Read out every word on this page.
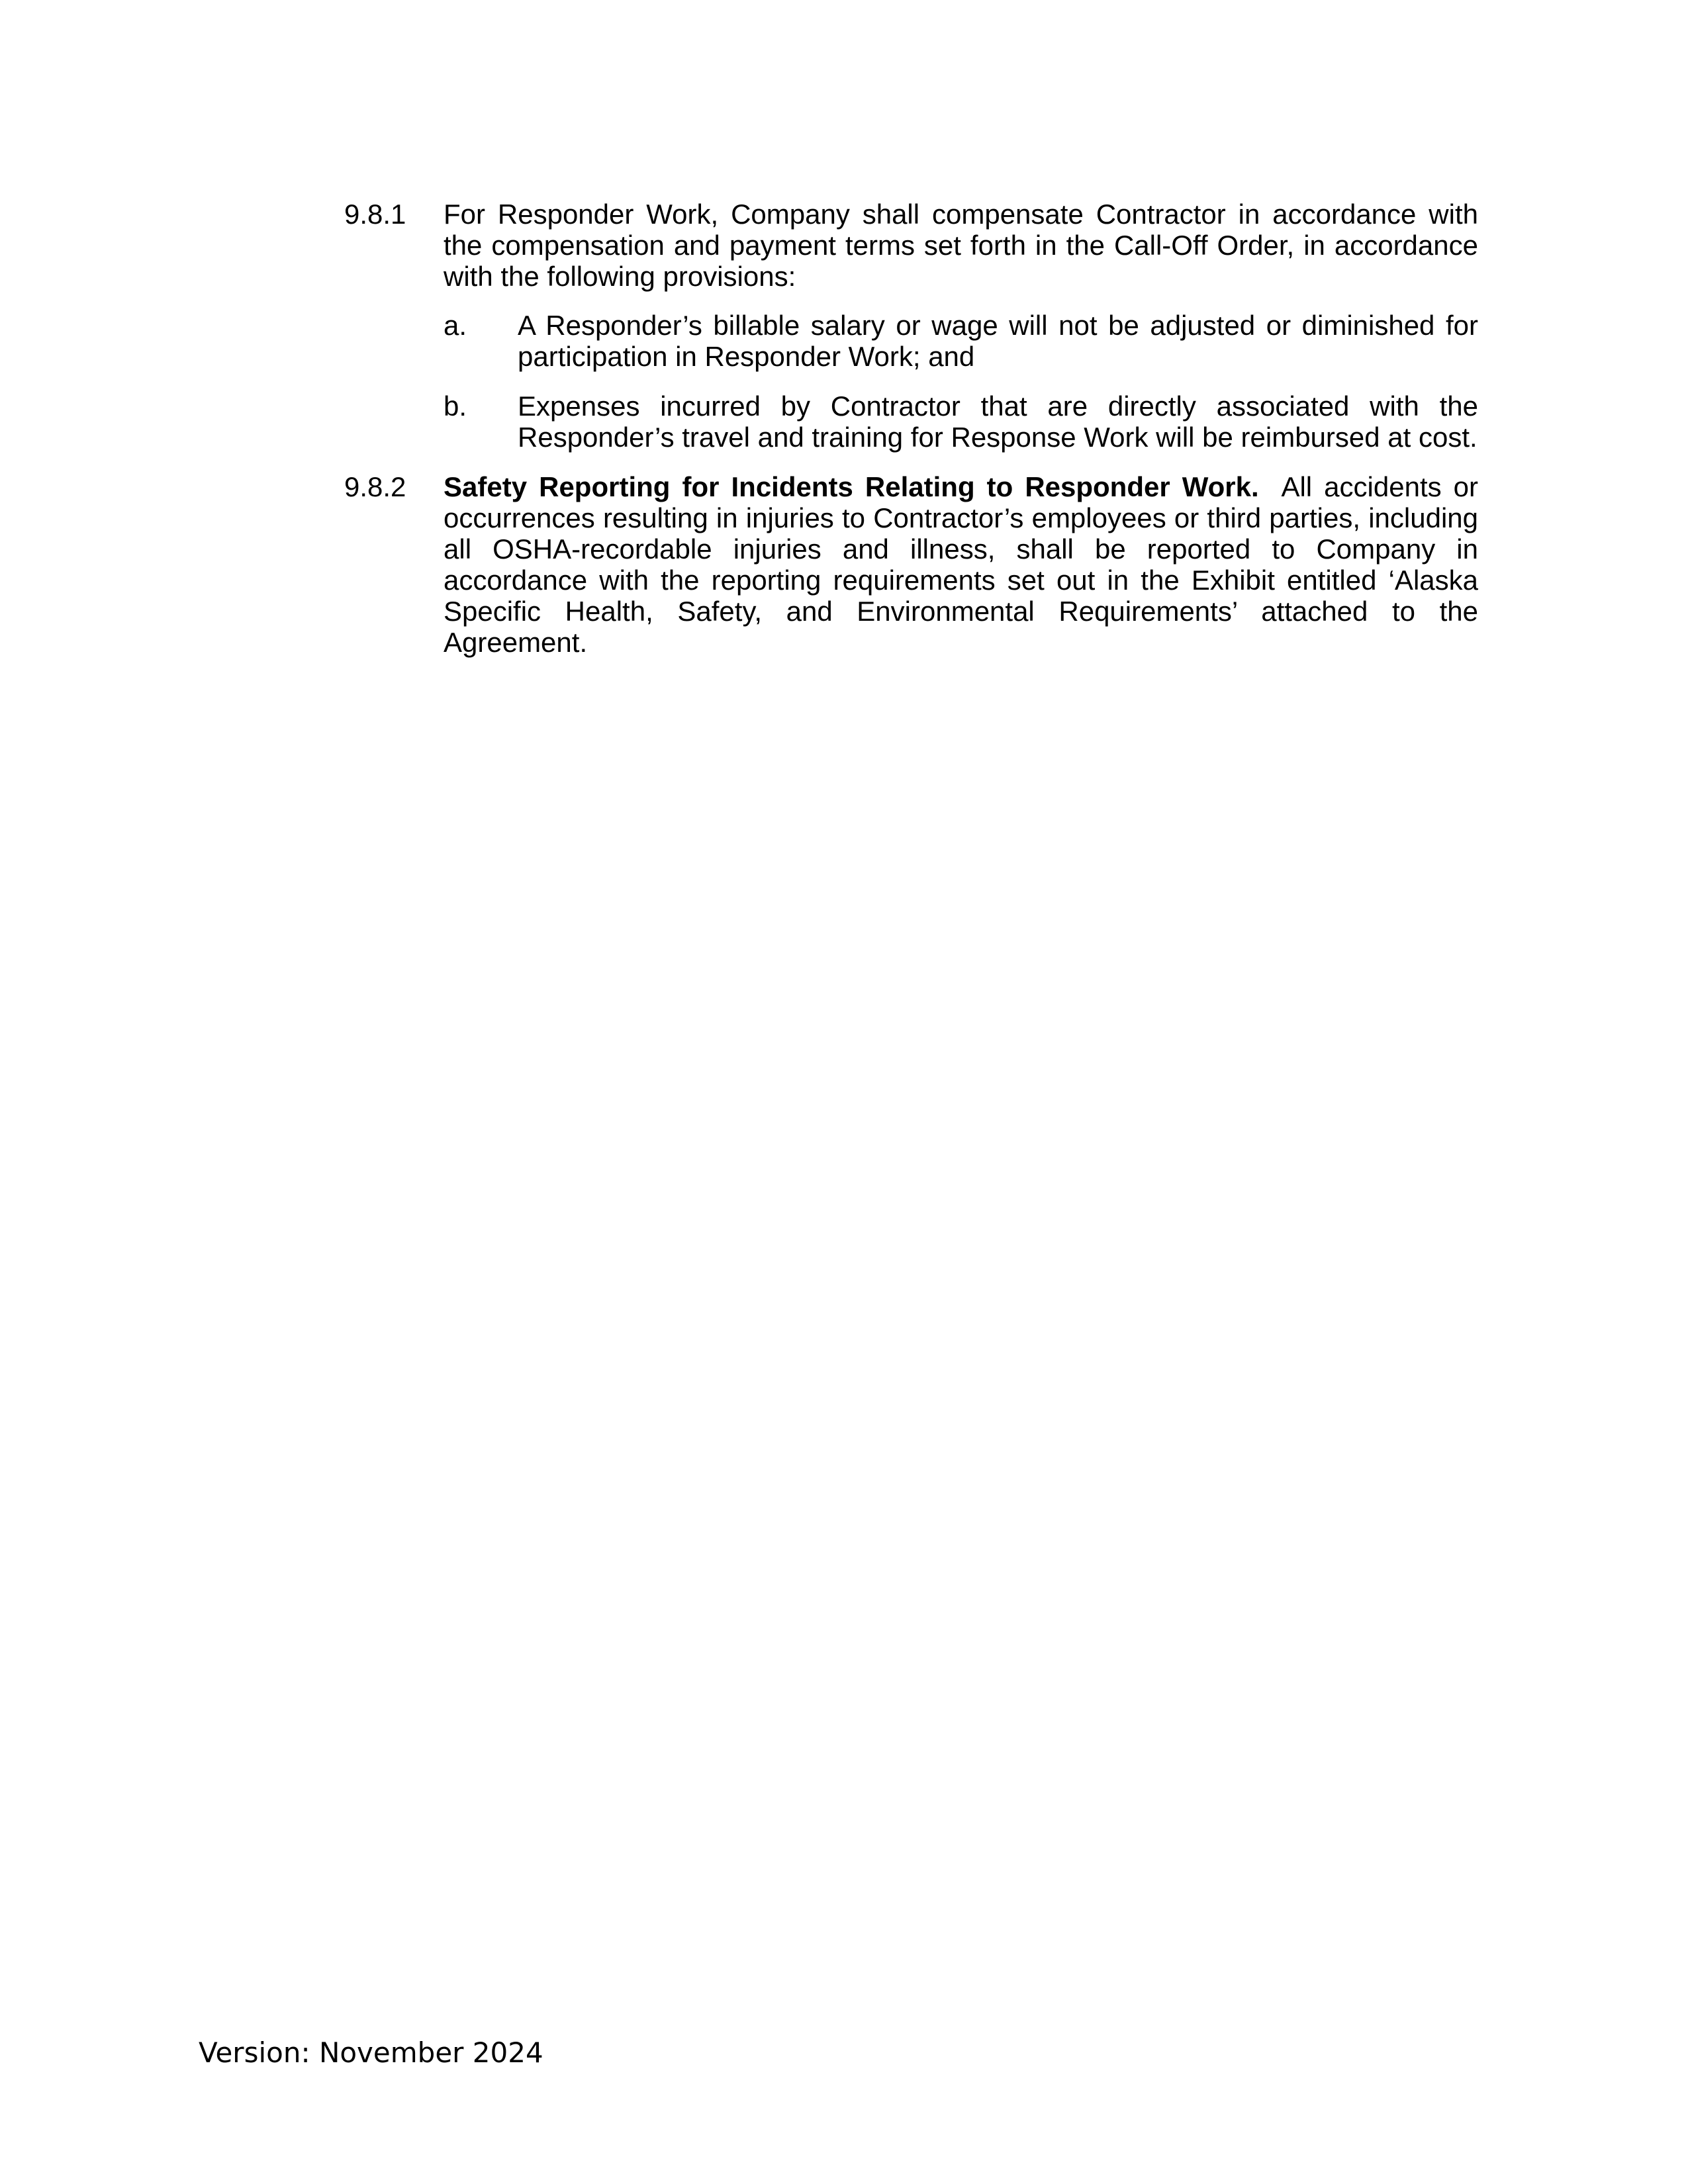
9.8.1	For Responder Work, Company shall compensate Contractor in accordance with the compensation and payment terms set forth in the Call-Off Order, in accordance with the following provisions:
a.	A Responder’s billable salary or wage will not be adjusted or diminished for participation in Responder Work; and
b.	Expenses incurred by Contractor that are directly associated with the Responder’s travel and training for Response Work will be reimbursed at cost.
9.8.2	Safety Reporting for Incidents Relating to Responder Work. All accidents or occurrences resulting in injuries to Contractor’s employees or third parties, including all OSHA-recordable injuries and illness, shall be reported to Company in accordance with the reporting requirements set out in the Exhibit entitled ‘Alaska Specific Health, Safety, and Environmental Requirements’ attached to the Agreement.
Version: November 2024
